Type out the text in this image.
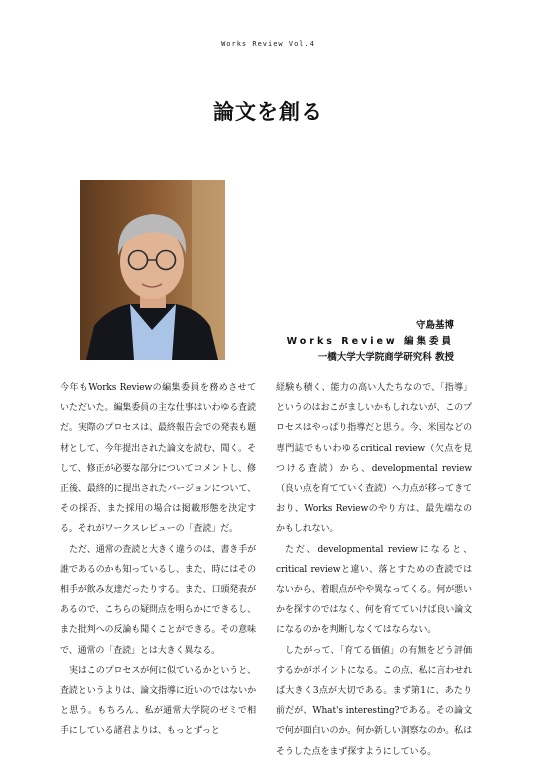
Works Review Vol.4
論文を創る
守島基博
Works Review 編集委員
一橋大学大学院商学研究科 教授

今年もWorks Reviewの編集委員を務めさせていただいた。編集委員の主な仕事はいわゆる査読だ。実際のプロセスは、最終報告会での発表も題材として、今年提出された論文を読む、聞く。そして、修正が必要な部分についてコメントし、修正後、最終的に提出されたバージョンについて、その採否、また採用の場合は掲載形態を決定する。それがワークスレビューの「査読」だ。

ただ、通常の査読と大きく違うのは、書き手が誰であるのかも知っているし、また、時にはその相手が飲み友達だったりする。また、口頭発表があるので、こちらの疑問点を明らかにできるし、また批判への反論も聞くことができる。その意味で、通常の「査読」とは大きく異なる。

実はこのプロセスが何に似ているかというと、査読というよりは、論文指導に近いのではないかと思う。もちろん、私が通常大学院のゼミで相手にしている諸君よりは、もっとずっと

経験も積く、能力の高い人たちなので、「指導」というのはおこがましいかもしれないが、このプロセスはやっぱり指導だと思う。今、米国などの専門誌でもいわゆるcritical review（欠点を見つける査読）から、developmental review（良い点を育てていく査読）へ力点が移ってきており、Works Reviewのやり方は、最先端なのかもしれない。

ただ、developmental reviewになると、critical reviewと違い、落とすための査読ではないから、着眼点がやや異なってくる。何が悪いかを探すのではなく、何を育てていけば良い論文になるのかを判断しなくてはならない。

したがって、「育てる価値」の有無をどう評価するかがポイントになる。この点、私に言わせれば大きく3点が大切である。まず第1に、あたり前だが、What's interesting?である。その論文で何が面白いのか。何か新しい洞察なのか。私はそうした点をまず探すようにしている。
